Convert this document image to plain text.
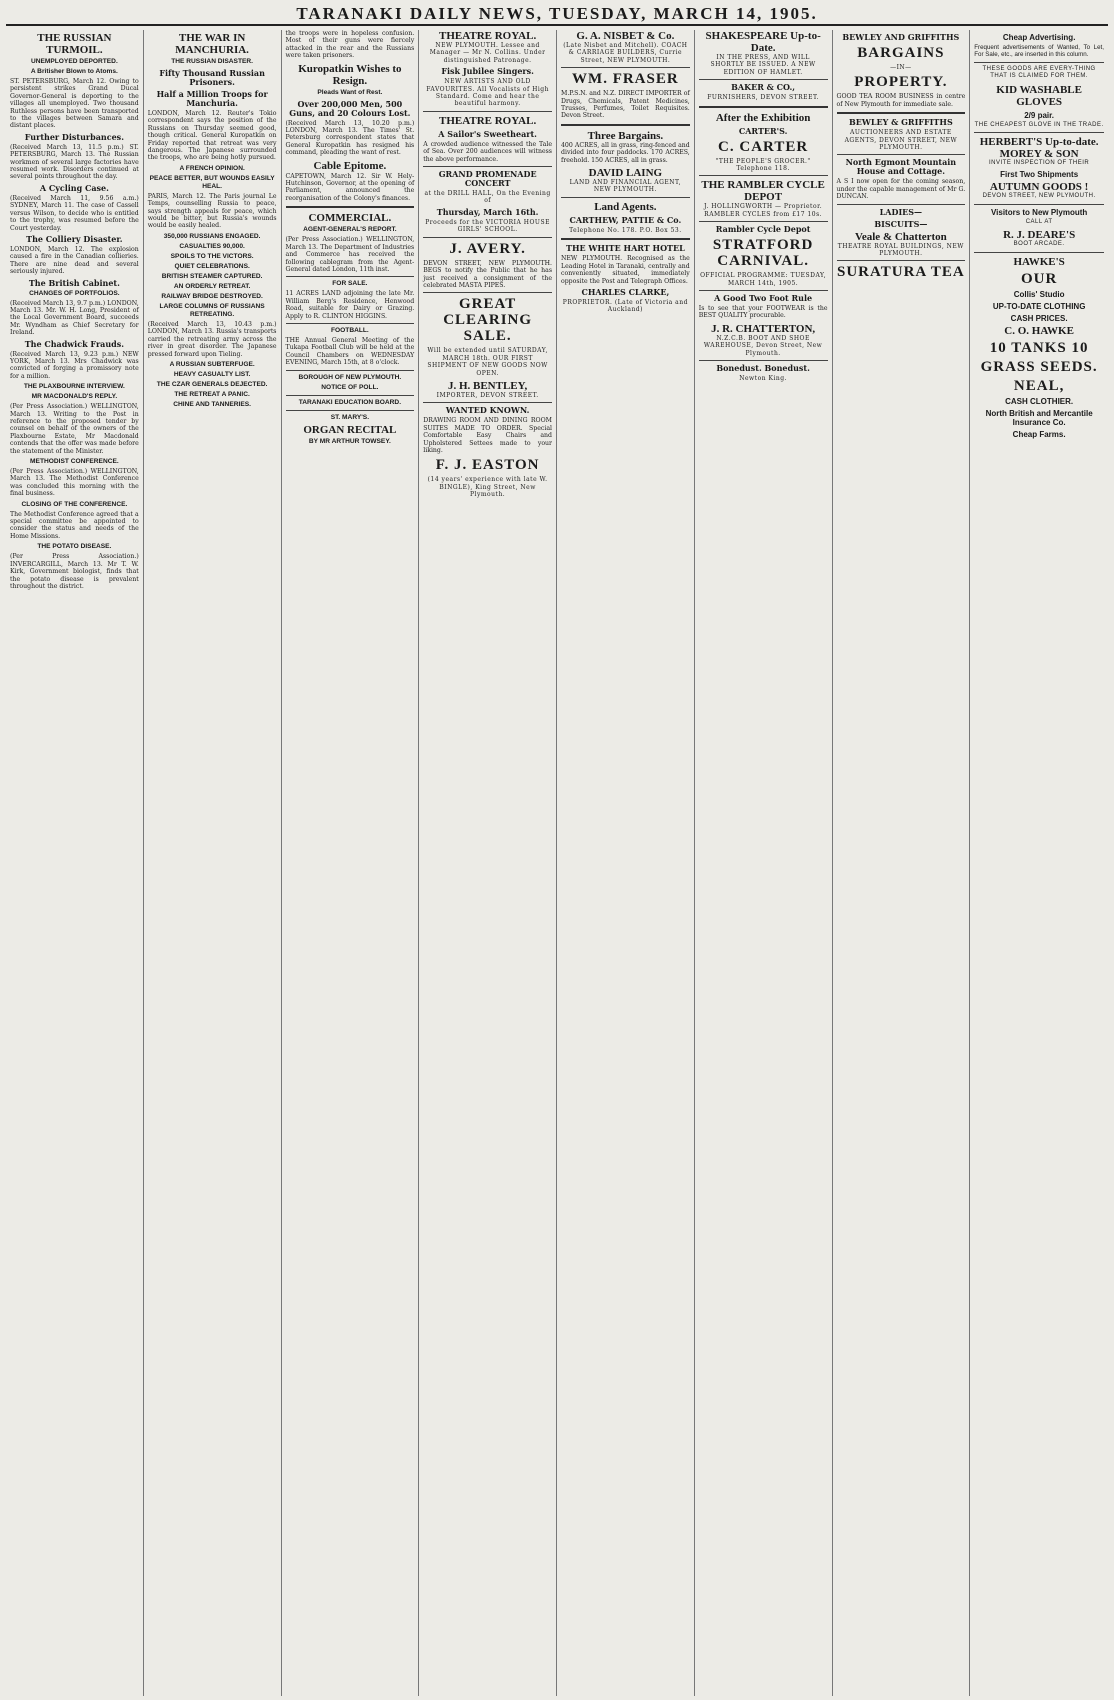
TARANAKI DAILY NEWS, TUESDAY, MARCH 14, 1905.
THE RUSSIAN TURMOIL.
UNEMPLOYED DEPORTED.
A Britisher Blown to Atoms.
ST. PETERSBURG, March 12. Owing to persistent strikes Grand Ducal Governor-General is deporting to the villages all unemployed. Two thousand Ruthless persons have been transported to the villages between Samara and distant places.
Further Disturbances.
(Received March 13, 11.5 p.m.) ST. PETERSBURG, March 13. The Russian workmen of several large factories have resumed work. Disorders continued at several points throughout the day.
A Cycling Case.
(Received March 11, 9.56 a.m.) SYDNEY, March 11. The case of Cassell versus Wilson, to decide who is entitled to the trophy, was resumed before the Court yesterday.
The Colliery Disaster.
LONDON, March 12. The explosion caused a fire in the Canadian collieries. There are nine dead and several seriously injured.
The British Cabinet.
CHANGES OF PORTFOLIOS.
(Received March 13, 9.7 p.m.) LONDON, March 13. Mr. W. H. Long, President of the Local Government Board, succeeds Mr. Wyndham as Chief Secretary for Ireland.
The Chadwick Frauds.
(Received March 13, 9.23 p.m.) NEW YORK, March 13. Mrs Chadwick was convicted of forging a promissory note for a million.
THE PLAXBOURNE INTERVIEW.
MR MACDONALD'S REPLY.
(Per Press Association.) WELLINGTON, March 13. Writing to the Post in reference to the proposed tender by counsel on behalf of the owners of the Plaxbourne Estate, Mr Macdonald contends that the offer was made before the statement of the Minister.
METHODIST CONFERENCE.
(Per Press Association.) WELLINGTON, March 13. The Methodist Conference was concluded this morning with the final business.
CLOSING OF THE CONFERENCE.
The Methodist Conference agreed that a special committee be appointed to consider the status and needs of the Home Missions.
THE POTATO DISEASE.
(Per Press Association.) INVERCARGILL, March 13. Mr T. W. Kirk, Government biologist, finds that the potato disease is prevalent throughout the district.
THE WAR IN MANCHURIA.
THE RUSSIAN DISASTER.
Fifty Thousand Russian Prisoners.
Half a Million Troops for Manchuria.
LONDON, March 12. Reuter's Tokio correspondent says the position of the Russians on Thursday seemed good, though critical. General Kuropatkin on Friday reported that retreat was very dangerous. The Japanese surrounded the troops, who are being hotly pursued.
A FRENCH OPINION.
PEACE BETTER, BUT WOUNDS EASILY HEAL.
PARIS, March 12. The Paris journal Le Temps, counselling Russia to peace, says strength appeals for peace, which would be bitter, but Russia's wounds would be easily healed.
350,000 RUSSIANS ENGAGED.
CASUALTIES 90,000.
SPOILS TO THE VICTORS.
QUIET CELEBRATIONS.
BRITISH STEAMER CAPTURED.
AN ORDERLY RETREAT.
RAILWAY BRIDGE DESTROYED.
LARGE COLUMNS OF RUSSIANS RETREATING.
(Received March 13, 10.43 p.m.) LONDON, March 13. Russia's transports carried the retreating army across the river in great disorder. The Japanese pressed forward upon Tieling.
A RUSSIAN SUBTERFUGE.
HEAVY CASUALTY LIST.
THE CZAR GENERALS DEJECTED.
THE RETREAT A PANIC.
CHINE AND TANNERIES.
the troops were in hopeless confusion. Most of their guns were fiercely attacked in the rear and the Russians were taken prisoners.
Kuropatkin Wishes to Resign.
Pleads Want of Rest.
Over 200,000 Men, 500 Guns, and 20 Colours Lost.
(Received March 13, 10.20 p.m.) LONDON, March 13. The Times' St. Petersburg correspondent states that General Kuropatkin has resigned his command, pleading the want of rest.
Cable Epitome.
CAPETOWN, March 12. Sir W. Hely-Hutchinson, Governor, at the opening of Parliament, announced the reorganisation of the Colony's finances.
COMMERCIAL.
AGENT-GENERAL'S REPORT.
(Per Press Association.) WELLINGTON, March 13. The Department of Industries and Commerce has received the following cablegram from the Agent-General dated London, 11th inst.
FOR SALE.
11 ACRES LAND adjoining the late Mr. William Berg's Residence, Henwood Road, suitable for Dairy or Grazing. Apply to R. CLINTON HIGGINS.
FOOTBALL.
THE Annual General Meeting of the Tukapa Football Club will be held at the Council Chambers on WEDNESDAY EVENING, March 15th, at 8 o'clock.
BOROUGH OF NEW PLYMOUTH.
NOTICE OF POLL.
TARANAKI EDUCATION BOARD.
ST. MARY'S.
ORGAN RECITAL
BY MR ARTHUR TOWSEY.
THEATRE ROYAL.
NEW PLYMOUTH. Lessee and Manager — Mr N. Collins. Under distinguished Patronage.
Fisk Jubilee Singers.
NEW ARTISTS AND OLD FAVOURITES. All Vocalists of High Standard. Come and hear the beautiful harmony.
THEATRE ROYAL.
A Sailor's Sweetheart.
A crowded audience witnessed the Tale of Sea. Over 200 audiences will witness the above performance.
GRAND PROMENADE CONCERT
at the DRILL HALL, On the Evening of
Thursday, March 16th.
Proceeds for the VICTORIA HOUSE GIRLS' SCHOOL.
J. AVERY.
DEVON STREET, NEW PLYMOUTH. BEGS to notify the Public that he has just received a consignment of the celebrated MASTA PIPES.
GREAT CLEARING SALE.
Will be extended until SATURDAY, MARCH 18th. OUR FIRST SHIPMENT OF NEW GOODS NOW OPEN.
J. H. BENTLEY,
IMPORTER, DEVON STREET.
WANTED KNOWN.
DRAWING ROOM AND DINING ROOM SUITES MADE TO ORDER. Special Comfortable Easy Chairs and Upholstered Settees made to your liking.
F. J. EASTON
(14 years' experience with late W. BINGLE), King Street, New Plymouth.
G. A. NISBET & Co.
(Late Nisbet and Mitchell). COACH & CARRIAGE BUILDERS, Currie Street, NEW PLYMOUTH.
WM. FRASER
M.P.S.N. and N.Z. DIRECT IMPORTER of Drugs, Chemicals, Patent Medicines, Trusses, Perfumes, Toilet Requisites. Devon Street.
Three Bargains.
400 ACRES, all in grass, ring-fenced and divided into four paddocks. 170 ACRES, freehold. 150 ACRES, all in grass.
DAVID LAING
LAND AND FINANCIAL AGENT, NEW PLYMOUTH.
Land Agents.
CARTHEW, PATTIE & Co.
Telephone No. 178. P.O. Box 53.
THE WHITE HART HOTEL
NEW PLYMOUTH. Recognised as the Leading Hotel in Taranaki, centrally and conveniently situated, immediately opposite the Post and Telegraph Offices.
CHARLES CLARKE,
PROPRIETOR. (Late of Victoria and Auckland)
SHAKESPEARE Up-to-Date.
IN THE PRESS, AND WILL SHORTLY BE ISSUED. A NEW EDITION OF HAMLET.
BAKER & CO.,
FURNISHERS, DEVON STREET.
After the Exhibition
CARTER'S.
C. CARTER
"THE PEOPLE'S GROCER." Telephone 118.
THE RAMBLER CYCLE DEPOT
J. HOLLINGWORTH — Proprietor. RAMBLER CYCLES from £17 10s.
Rambler Cycle Depot
STRATFORD CARNIVAL.
OFFICIAL PROGRAMME: TUESDAY, MARCH 14th, 1905.
A Good Two Foot Rule
Is to see that your FOOTWEAR is the BEST QUALITY procurable.
J. R. CHATTERTON,
N.Z.C.B. BOOT AND SHOE WAREHOUSE, Devon Street, New Plymouth.
Bonedust. Bonedust.
Newton King.
BEWLEY AND GRIFFITHS
BARGAINS
—IN—
PROPERTY.
GOOD TEA ROOM BUSINESS in centre of New Plymouth for immediate sale.
BEWLEY & GRIFFITHS
AUCTIONEERS AND ESTATE AGENTS, DEVON STREET, NEW PLYMOUTH.
North Egmont Mountain House and Cottage.
A S I now open for the coming season, under the capable management of Mr G. DUNCAN.
LADIES—
BISCUITS—
Veale & Chatterton
THEATRE ROYAL BUILDINGS, NEW PLYMOUTH.
SURATURA TEA
Cheap Advertising.
Frequent advertisements of Wanted, To Let, For Sale, etc., are inserted in this column.
THESE GOODS ARE EVERY-THING THAT IS CLAIMED FOR THEM.
KID WASHABLE GLOVES
2/9 pair.
THE CHEAPEST GLOVE IN THE TRADE.
HERBERT'S Up-to-date.
MOREY & SON
INVITE INSPECTION OF THEIR
First Two Shipments
AUTUMN GOODS !
DEVON STREET, NEW PLYMOUTH.
Visitors to New Plymouth
CALL AT
R. J. DEARE'S
BOOT ARCADE.
HAWKE'S
OUR
Collis' Studio
UP-TO-DATE CLOTHING
CASH PRICES.
C. O. HAWKE
10 TANKS 10
GRASS SEEDS.
NEAL,
CASH CLOTHIER.
North British and Mercantile Insurance Co.
Cheap Farms.
